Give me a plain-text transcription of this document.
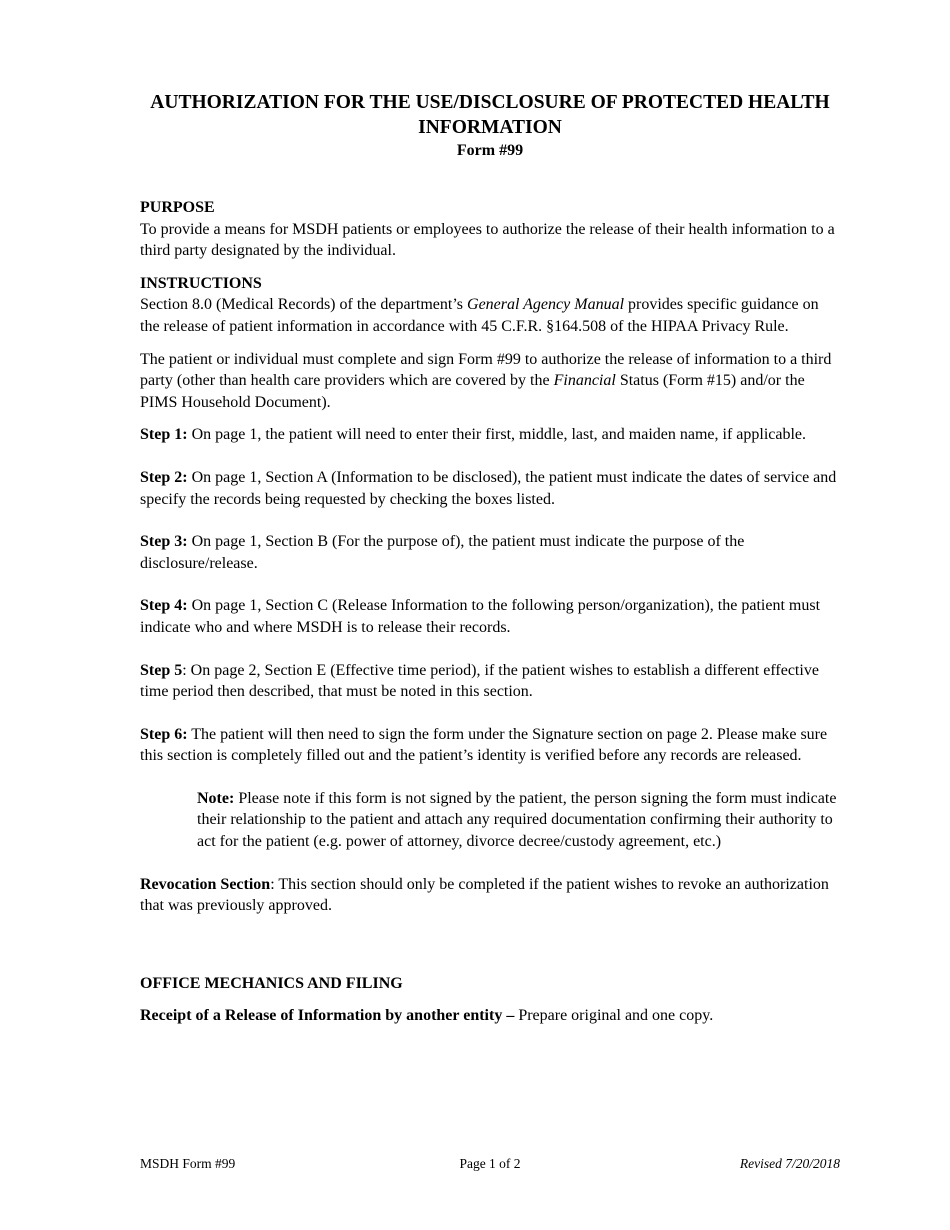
AUTHORIZATION FOR THE USE/DISCLOSURE OF PROTECTED HEALTH INFORMATION

Form #99

PURPOSE

To provide a means for MSDH patients or employees to authorize the release of their health information to a third party designated by the individual.

INSTRUCTIONS

Section 8.0 (Medical Records) of the department’s General Agency Manual provides specific guidance on the release of patient information in accordance with 45 C.F.R. §164.508 of the HIPAA Privacy Rule.

The patient or individual must complete and sign Form #99 to authorize the release of information to a third party (other than health care providers which are covered by the Financial Status (Form #15) and/or the PIMS Household Document).

Step 1: On page 1, the patient will need to enter their first, middle, last, and maiden name, if applicable.

Step 2: On page 1, Section A (Information to be disclosed), the patient must indicate the dates of service and specify the records being requested by checking the boxes listed.

Step 3: On page 1, Section B (For the purpose of), the patient must indicate the purpose of the disclosure/release.

Step 4: On page 1, Section C (Release Information to the following person/organization), the patient must indicate who and where MSDH is to release their records.

Step 5: On page 2, Section E (Effective time period), if the patient wishes to establish a different effective time period then described, that must be noted in this section.

Step 6: The patient will then need to sign the form under the Signature section on page 2. Please make sure this section is completely filled out and the patient’s identity is verified before any records are released.

Note: Please note if this form is not signed by the patient, the person signing the form must indicate their relationship to the patient and attach any required documentation confirming their authority to act for the patient (e.g. power of attorney, divorce decree/custody agreement, etc.)

Revocation Section: This section should only be completed if the patient wishes to revoke an authorization that was previously approved.

OFFICE MECHANICS AND FILING

Receipt of a Release of Information by another entity – Prepare original and one copy.

MSDH Form #99	Page 1 of 2	Revised 7/20/2018
